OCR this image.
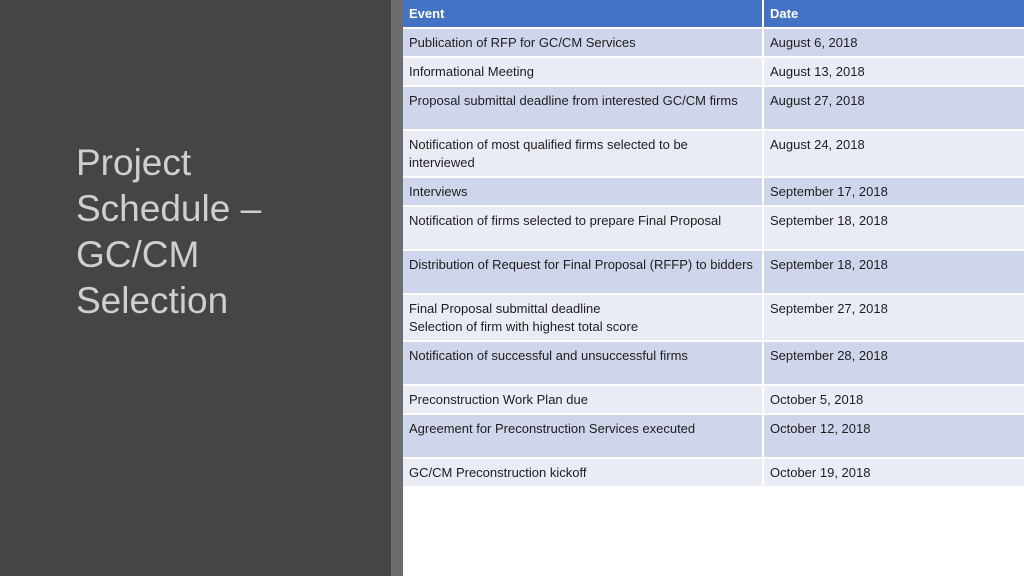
Project
Schedule –
GC/CM
Selection
Event	Date

Publication of RFP for GC/CM Services	August 6, 2018

Informational Meeting	August 13, 2018

Proposal submittal deadline from interested GC/CM firms	August 27, 2018

Notification of most qualified firms selected to be interviewed	August 24, 2018

Interviews	September 17, 2018

Notification of firms selected to prepare Final Proposal	September 18, 2018

Distribution of Request for Final Proposal (RFFP) to bidders	September 18, 2018

Final Proposal submittal deadline
Selection of firm with highest total score	September 27, 2018

Notification of successful and unsuccessful firms	September 28, 2018

Preconstruction Work Plan due	October 5, 2018

Agreement for Preconstruction Services executed	October 12, 2018

GC/CM Preconstruction kickoff	October 19, 2018
